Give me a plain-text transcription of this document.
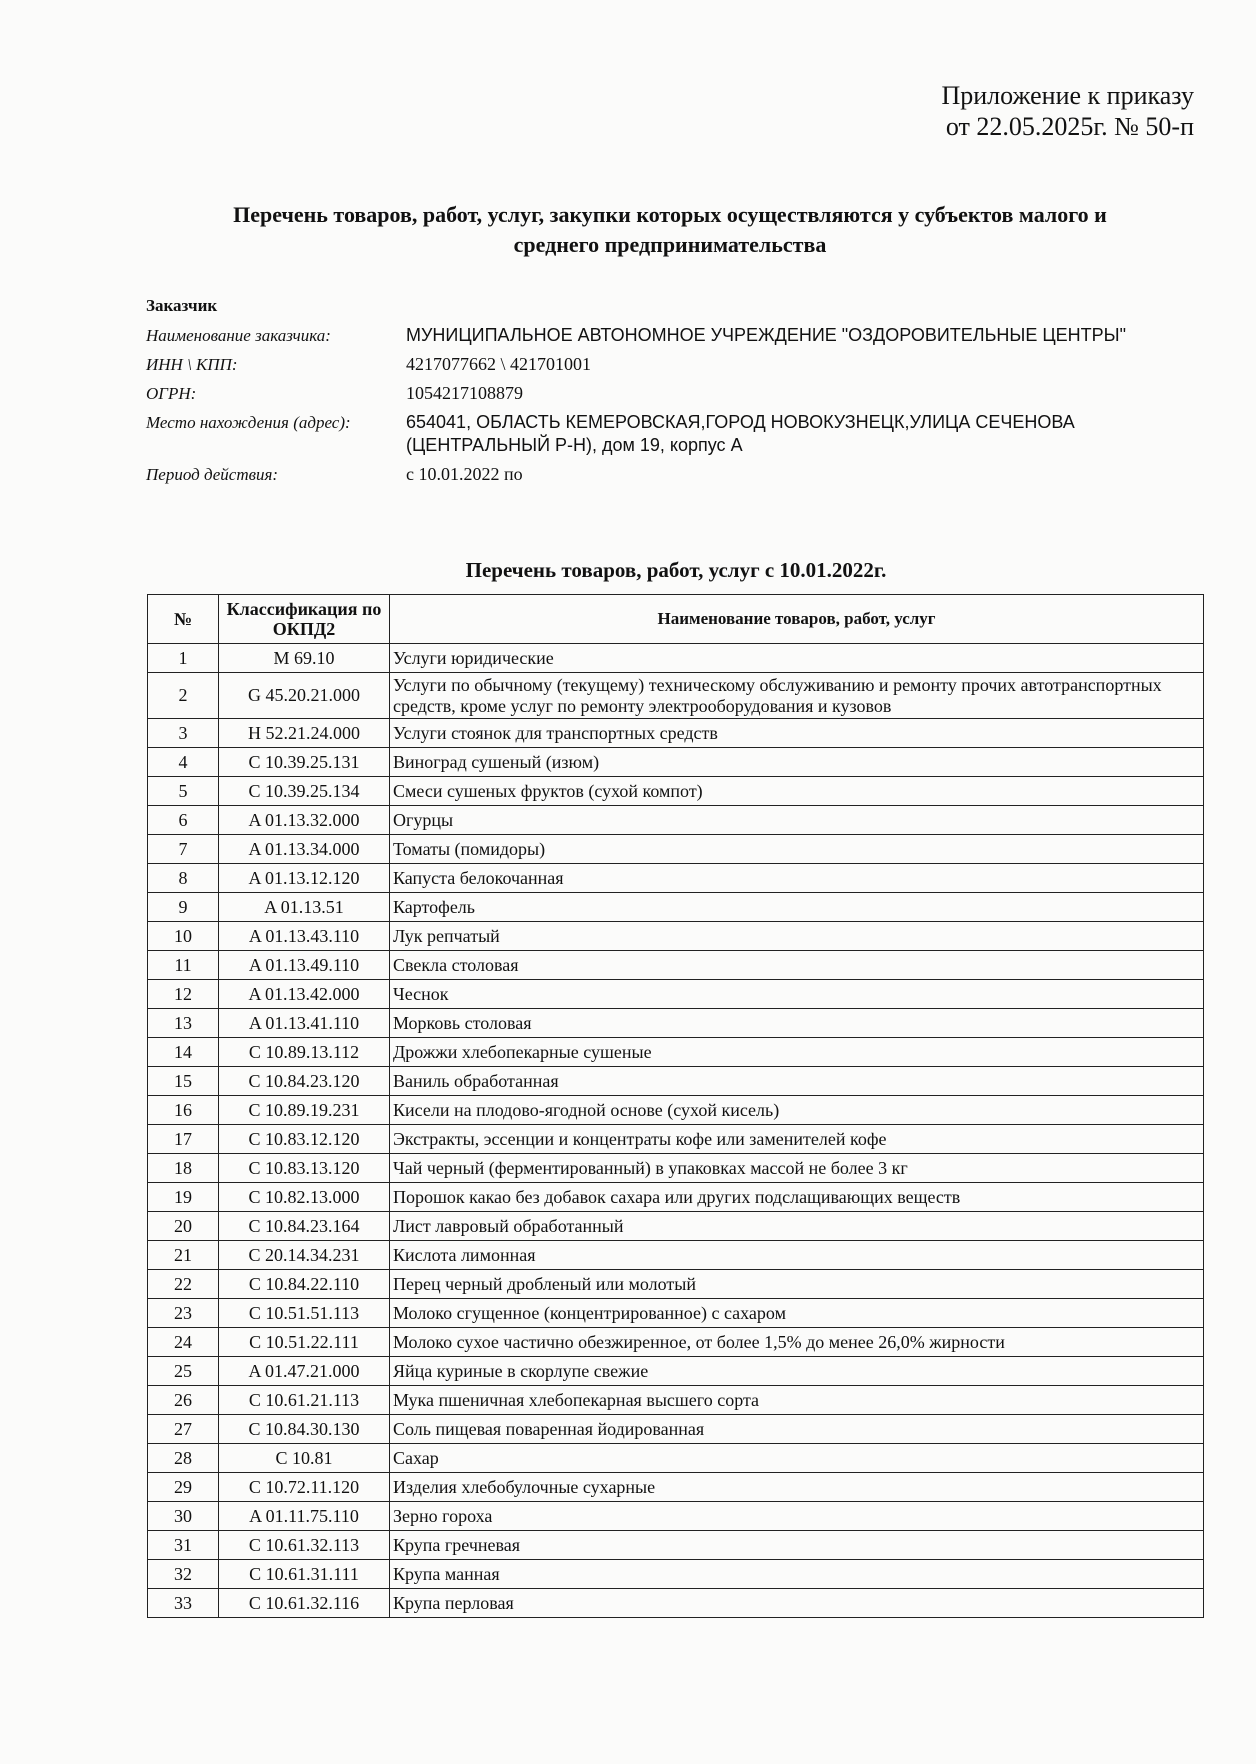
Приложение к приказу
от 22.05.2025г. № 50-п
Перечень товаров, работ, услуг, закупки которых осуществляются у субъектов малого и
среднего предпринимательства
Заказчик
Наименование заказчика:	МУНИЦИПАЛЬНОЕ АВТОНОМНОЕ УЧРЕЖДЕНИЕ "ОЗДОРОВИТЕЛЬНЫЕ ЦЕНТРЫ"
ИНН \ КПП:	4217077662 \ 421701001
ОГРН:	1054217108879
Место нахождения (адрес):	654041, ОБЛАСТЬ КЕМЕРОВСКАЯ,ГОРОД НОВОКУЗНЕЦК,УЛИЦА СЕЧЕНОВА (ЦЕНТРАЛЬНЫЙ Р-Н), дом 19, корпус А
Период действия:	с 10.01.2022 по
Перечень товаров, работ, услуг с 10.01.2022г.
№	Классификация по ОКПД2	Наименование товаров, работ, услуг
1	M 69.10	Услуги юридические
2	G 45.20.21.000	Услуги по обычному (текущему) техническому обслуживанию и ремонту прочих автотранспортных средств, кроме услуг по ремонту электрооборудования и кузовов
3	H 52.21.24.000	Услуги стоянок для транспортных средств
4	C 10.39.25.131	Виноград сушеный (изюм)
5	C 10.39.25.134	Смеси сушеных фруктов (сухой компот)
6	A 01.13.32.000	Огурцы
7	A 01.13.34.000	Томаты (помидоры)
8	A 01.13.12.120	Капуста белокочанная
9	A 01.13.51	Картофель
10	A 01.13.43.110	Лук репчатый
11	A 01.13.49.110	Свекла столовая
12	A 01.13.42.000	Чеснок
13	A 01.13.41.110	Морковь столовая
14	C 10.89.13.112	Дрожжи хлебопекарные сушеные
15	C 10.84.23.120	Ваниль обработанная
16	C 10.89.19.231	Кисели на плодово-ягодной основе (сухой кисель)
17	C 10.83.12.120	Экстракты, эссенции и концентраты кофе или заменителей кофе
18	C 10.83.13.120	Чай черный (ферментированный) в упаковках массой не более 3 кг
19	C 10.82.13.000	Порошок какао без добавок сахара или других подслащивающих веществ
20	C 10.84.23.164	Лист лавровый обработанный
21	C 20.14.34.231	Кислота лимонная
22	C 10.84.22.110	Перец черный дробленый или молотый
23	C 10.51.51.113	Молоко сгущенное (концентрированное) с сахаром
24	C 10.51.22.111	Молоко сухое частично обезжиренное, от более 1,5% до менее 26,0% жирности
25	A 01.47.21.000	Яйца куриные в скорлупе свежие
26	C 10.61.21.113	Мука пшеничная хлебопекарная высшего сорта
27	C 10.84.30.130	Соль пищевая поваренная йодированная
28	C 10.81	Сахар
29	C 10.72.11.120	Изделия хлебобулочные сухарные
30	A 01.11.75.110	Зерно гороха
31	C 10.61.32.113	Крупа гречневая
32	C 10.61.31.111	Крупа манная
33	C 10.61.32.116	Крупа перловая
